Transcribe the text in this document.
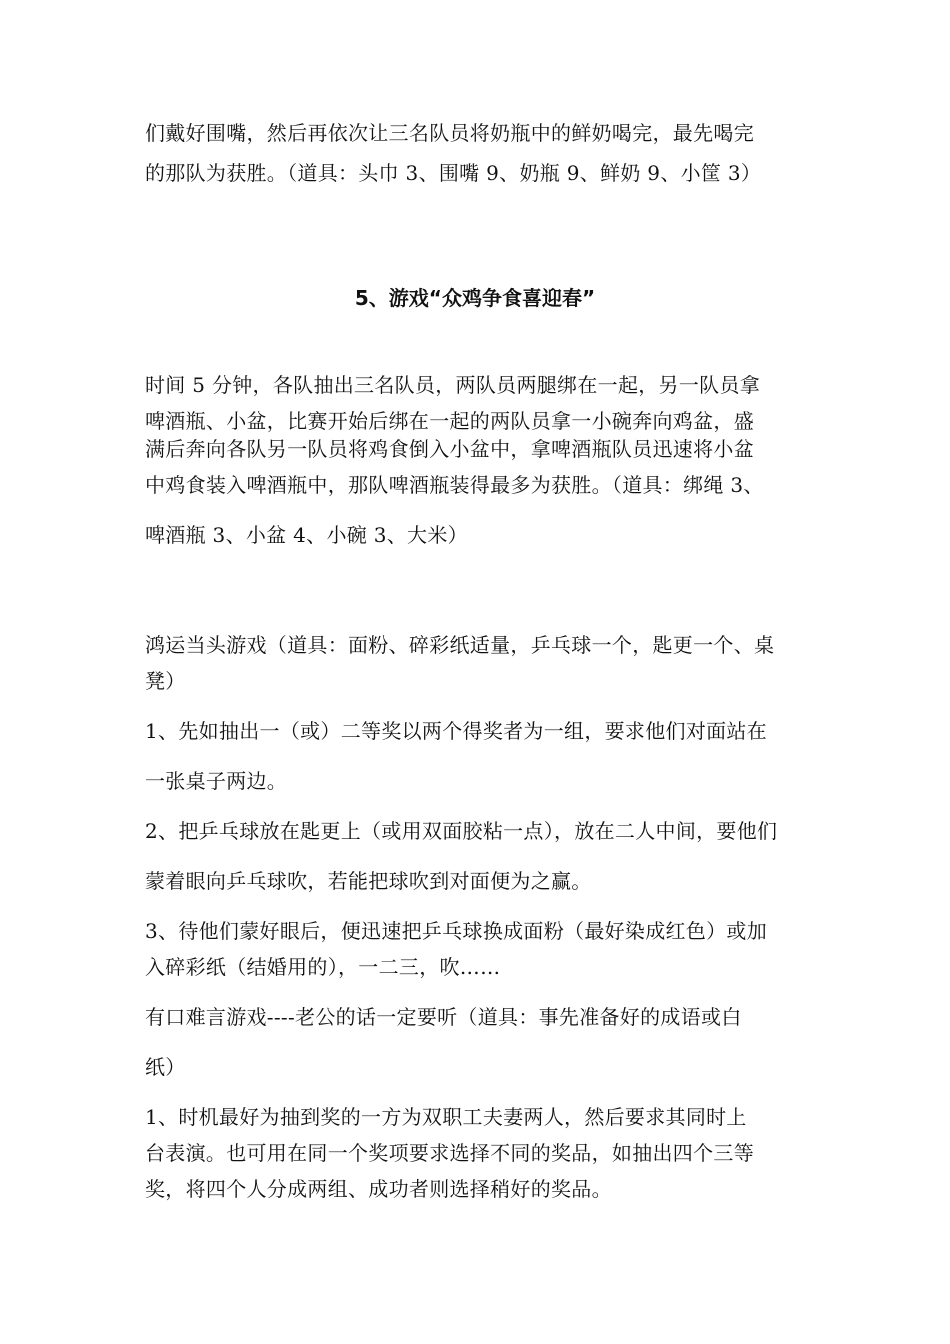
们戴好围嘴，然后再依次让三名队员将奶瓶中的鲜奶喝完，最先喝完
的那队为获胜。（道具：头巾 3、围嘴 9、奶瓶 9、鲜奶 9、小筐 3）
5、游戏“众鸡争食喜迎春”
时间 5 分钟，各队抽出三名队员，两队员两腿绑在一起，另一队员拿
啤酒瓶、小盆，比赛开始后绑在一起的两队员拿一小碗奔向鸡盆，盛
满后奔向各队另一队员将鸡食倒入小盆中，拿啤酒瓶队员迅速将小盆
中鸡食装入啤酒瓶中，那队啤酒瓶装得最多为获胜。（道具：绑绳 3、
啤酒瓶 3、小盆 4、小碗 3、大米）
鸿运当头游戏（道具：面粉、碎彩纸适量，乒乓球一个，匙更一个、桌
凳）
1、先如抽出一（或）二等奖以两个得奖者为一组，要求他们对面站在
一张桌子两边。
2、把乒乓球放在匙更上（或用双面胶粘一点），放在二人中间，要他们
蒙着眼向乒乓球吹，若能把球吹到对面便为之赢。
3、待他们蒙好眼后，便迅速把乒乓球换成面粉（最好染成红色）或加
入碎彩纸（结婚用的），一二三，吹……
有口难言游戏----老公的话一定要听（道具：事先准备好的成语或白
纸）
1、时机最好为抽到奖的一方为双职工夫妻两人，然后要求其同时上
台表演。也可用在同一个奖项要求选择不同的奖品，如抽出四个三等
奖，将四个人分成两组、成功者则选择稍好的奖品。
